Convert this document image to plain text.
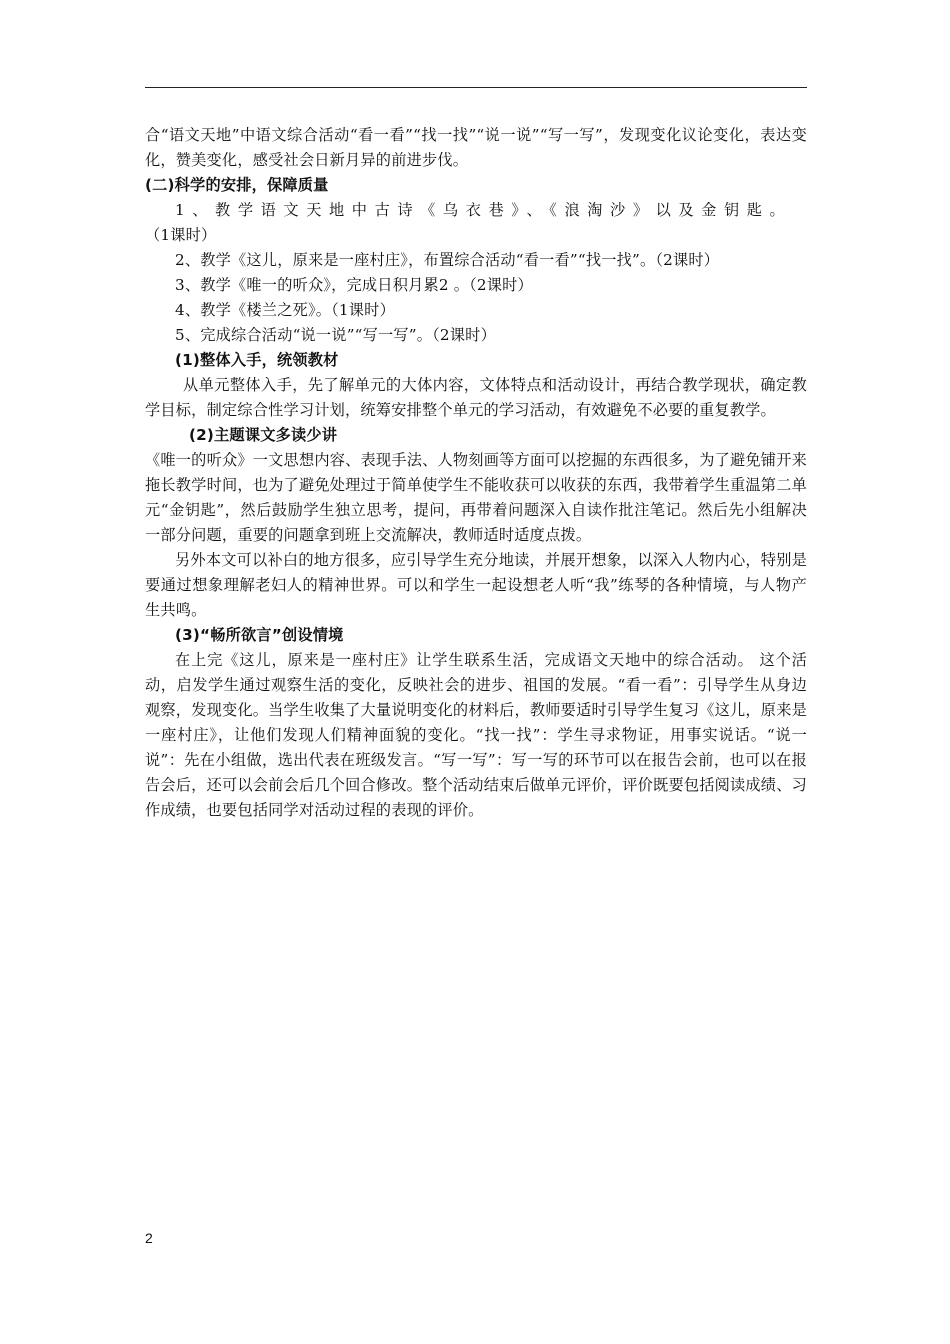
合“语文天地”中语文综合活动“看一看”“找一找”“说一说”“写一写”，发现变化议论变化，表达变化，赞美变化，感受社会日新月异的前进步伐。

(二)科学的安排，保障质量

1、教学语文天地中古诗《乌衣巷》、《浪淘沙》以及金钥匙。

（1课时）

2、教学《这儿，原来是一座村庄》，布置综合活动“看一看”“找一找”。（2课时）

3、教学《唯一的听众》，完成日积月累2 。（2课时）

4、教学《楼兰之死》。（1课时）

5、完成综合活动“说一说”“写一写”。（2课时）

(1)整体入手，统领教材

从单元整体入手，先了解单元的大体内容，文体特点和活动设计，再结合教学现状，确定教学目标，制定综合性学习计划，统筹安排整个单元的学习活动，有效避免不必要的重复教学。

(2)主题课文多读少讲

《唯一的听众》一文思想内容、表现手法、人物刻画等方面可以挖掘的东西很多，为了避免铺开来拖长教学时间，也为了避免处理过于简单使学生不能收获可以收获的东西，我带着学生重温第二单元“金钥匙”，然后鼓励学生独立思考，提问，再带着问题深入自读作批注笔记。然后先小组解决一部分问题，重要的问题拿到班上交流解决，教师适时适度点拨。

另外本文可以补白的地方很多，应引导学生充分地读，并展开想象，以深入人物内心，特别是要通过想象理解老妇人的精神世界。可以和学生一起设想老人听“我”练琴的各种情境，与人物产生共鸣。

(3)“畅所欲言”创设情境

在上完《这儿，原来是一座村庄》让学生联系生活，完成语文天地中的综合活动。 这个活动，启发学生通过观察生活的变化，反映社会的进步、祖国的发展。“看一看”：引导学生从身边观察，发现变化。当学生收集了大量说明变化的材料后，教师要适时引导学生复习《这儿，原来是一座村庄》，让他们发现人们精神面貌的变化。“找一找”：学生寻求物证，用事实说话。“说一说”：先在小组做，选出代表在班级发言。“写一写”：写一写的环节可以在报告会前，也可以在报告会后，还可以会前会后几个回合修改。整个活动结束后做单元评价，评价既要包括阅读成绩、习作成绩，也要包括同学对活动过程的表现的评价。

2
